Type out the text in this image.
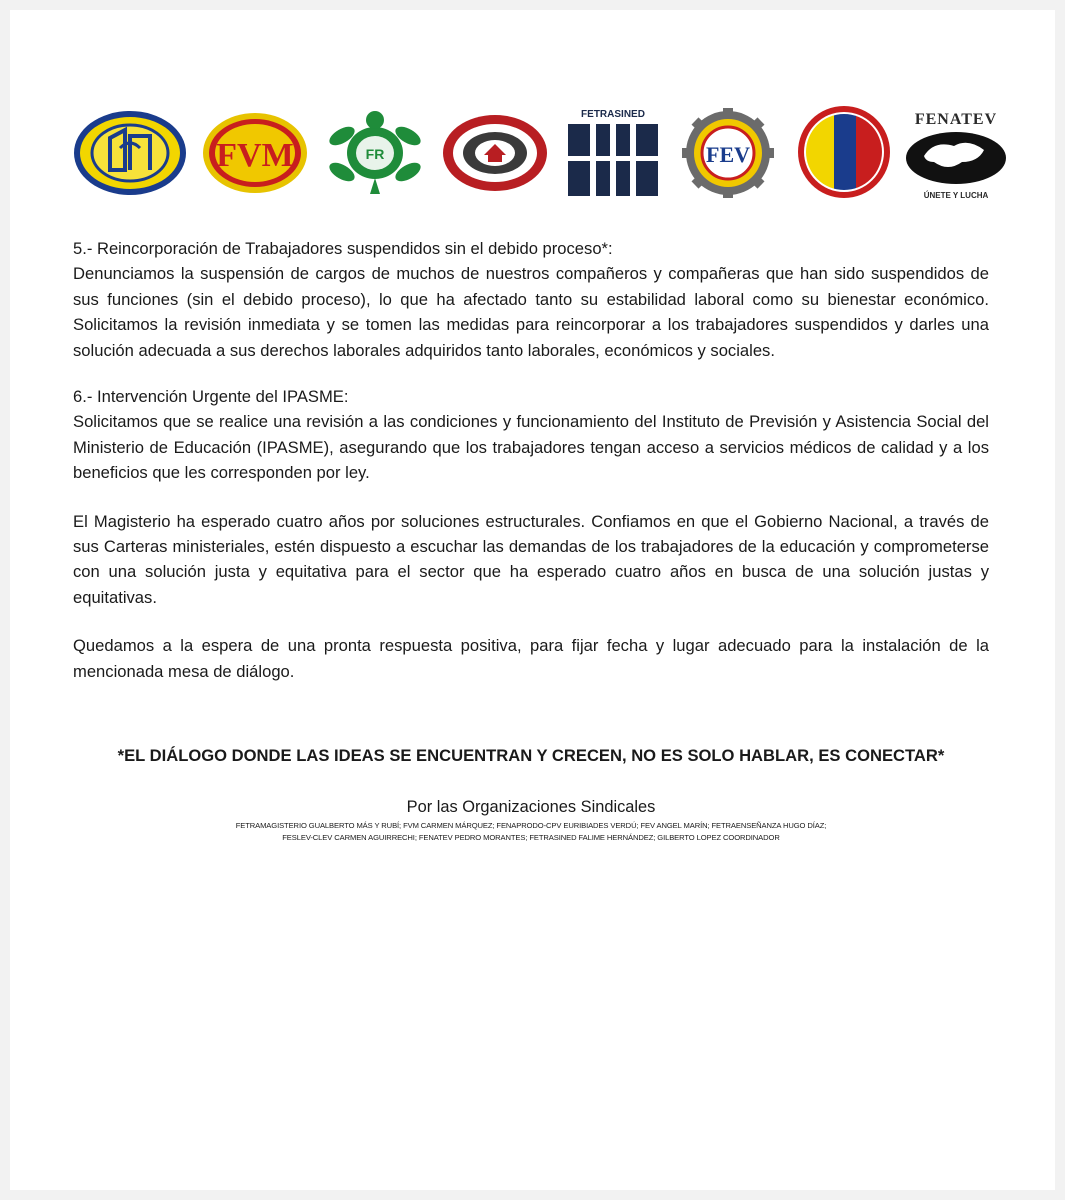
FVM	FR
FETRASINED
FEV
FENATEV
ÚNETE Y LUCHA

5.- Reincorporación de Trabajadores suspendidos sin el debido proceso*:

Denunciamos la suspensión de cargos de muchos de nuestros compañeros y compañeras que han sido suspendidos de sus funciones (sin el debido proceso), lo que ha afectado tanto su estabilidad laboral como su bienestar económico. Solicitamos la revisión inmediata y se tomen las medidas para reincorporar a los trabajadores suspendidos y darles una solución adecuada a sus derechos laborales adquiridos tanto laborales, económicos y sociales.

6.- Intervención Urgente del IPASME:

Solicitamos que se realice una revisión a las condiciones y funcionamiento del Instituto de Previsión y Asistencia Social del Ministerio de Educación (IPASME), asegurando que los trabajadores tengan acceso a servicios médicos de calidad y a los beneficios que les corresponden por ley.

El Magisterio ha esperado cuatro años por soluciones estructurales. Confiamos en que el Gobierno Nacional, a través de sus Carteras ministeriales, estén dispuesto a escuchar las demandas de los trabajadores de la educación y comprometerse con una solución justa y equitativa para el sector que ha esperado cuatro años en busca de una solución justas y equitativas.

Quedamos a la espera de una pronta respuesta positiva, para fijar fecha y lugar adecuado para la instalación de la mencionada mesa de diálogo.

*EL DIÁLOGO DONDE LAS IDEAS SE ENCUENTRAN Y CRECEN, NO ES SOLO HABLAR, ES CONECTAR*
Por las Organizaciones Sindicales
FETRAMAGISTERIO GUALBERTO MÁS Y RUBÍ; FVM CARMEN MÁRQUEZ; FENAPRODO-CPV EURIBIADES VERDÚ; FEV ANGEL MARÍN; FETRAENSEÑANZA HUGO DÍAZ;
FESLEV-CLEV CARMEN AGUIRRECHI; FENATEV PEDRO MORANTES; FETRASINED FALIME HERNÁNDEZ; GILBERTO LOPEZ COORDINADOR
